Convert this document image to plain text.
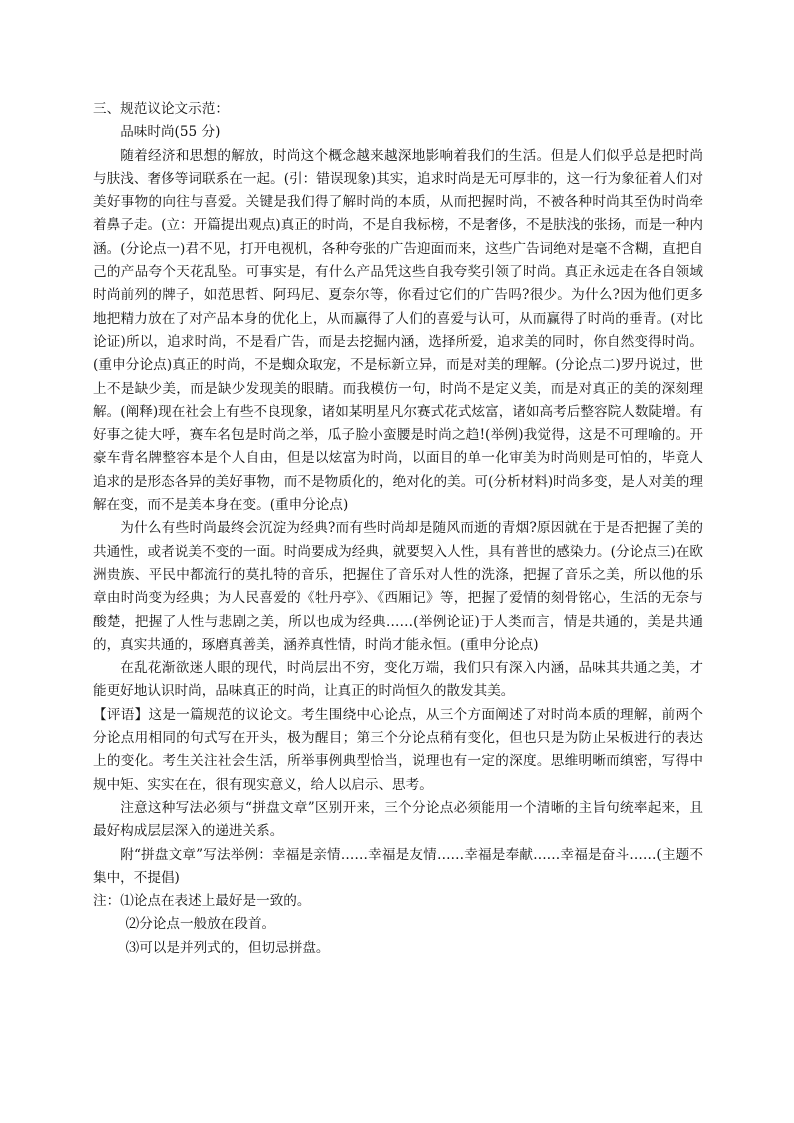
三、规范议论文示范：

品味时尚(55 分)

随着经济和思想的解放，时尚这个概念越来越深地影响着我们的生活。但是人们似乎总是把时尚与肤浅、奢侈等词联系在一起。(引：错误现象)其实，追求时尚是无可厚非的，这一行为象征着人们对美好事物的向往与喜爱。关键是我们得了解时尚的本质，从而把握时尚，不被各种时尚其至伪时尚牵着鼻子走。(立：开篇提出观点)真正的时尚，不是自我标榜，不是奢侈，不是肤浅的张扬，而是一种内涵。(分论点一)君不见，打开电视机，各种夸张的广告迎面而来，这些广告词绝对是毫不含糊，直把自己的产品夸个天花乱坠。可事实是，有什么产品凭这些自我夸奖引领了时尚。真正永远走在各自领域时尚前列的牌子，如范思哲、阿玛尼、夏奈尔等，你看过它们的广告吗?很少。为什么?因为他们更多地把精力放在了对产品本身的优化上，从而赢得了人们的喜爱与认可，从而赢得了时尚的垂青。(对比论证)所以，追求时尚，不是看广告，而是去挖掘内涵，选择所爱，追求美的同时，你自然变得时尚。(重申分论点)真正的时尚，不是蜘众取宠，不是标新立异，而是对美的理解。(分论点二)罗丹说过，世上不是缺少美，而是缺少发现美的眼睛。而我模仿一句，时尚不是定义美，而是对真正的美的深刻理解。(阐释)现在社会上有些不良现象，诸如某明星凡尔赛式花式炫富，诸如高考后整容院人数陡增。有好事之徒大呼，赛车名包是时尚之举，瓜子脸小蛮腰是时尚之趋!(举例)我觉得，这是不可理喻的。开豪车背名牌整容本是个人自由，但是以炫富为时尚，以面目的单一化审美为时尚则是可怕的，毕竟人追求的是形态各异的美好事物，而不是物质化的，绝对化的美。可(分析材料)时尚多变，是人对美的理解在变，而不是美本身在变。(重申分论点)

为什么有些时尚最终会沉淀为经典?而有些时尚却是随风而逝的青烟?原因就在于是否把握了美的共通性，或者说美不变的一面。时尚要成为经典，就要契入人性，具有普世的感染力。(分论点三)在欧洲贵族、平民中都流行的莫扎特的音乐，把握住了音乐对人性的洗涤，把握了音乐之美，所以他的乐章由时尚变为经典；为人民喜爱的《牡丹亭》、《西厢记》等，把握了爱情的刻骨铭心，生活的无奈与酸楚，把握了人性与悲剧之美，所以也成为经典……(举例论证)于人类而言，情是共通的，美是共通的，真实共通的，琢磨真善美，涵养真性情，时尚才能永恒。(重申分论点)

在乱花渐欲迷人眼的现代，时尚层出不穷，变化万端，我们只有深入内涵，品味其共通之美，才能更好地认识时尚，品味真正的时尚，让真正的时尚恒久的散发其美。

【评语】这是一篇规范的议论文。考生围绕中心论点，从三个方面阐述了对时尚本质的理解，前两个分论点用相同的句式写在开头，极为醒目；第三个分论点稍有变化，但也只是为防止呆板进行的表达上的变化。考生关注社会生活，所举事例典型恰当，说理也有一定的深度。思维明晰而缜密，写得中规中矩、实实在在，很有现实意义，给人以启示、思考。

注意这种写法必须与“拼盘文章”区别开来，三个分论点必须能用一个清晰的主旨句统率起来，且最好构成层层深入的递进关系。

附“拼盘文章”写法举例：幸福是亲情……幸福是友情……幸福是奉献……幸福是奋斗……(主题不集中，不提倡)

注：⑴论点在表述上最好是一致的。

⑵分论点一般放在段首。

⑶可以是并列式的，但切忌拼盘。
